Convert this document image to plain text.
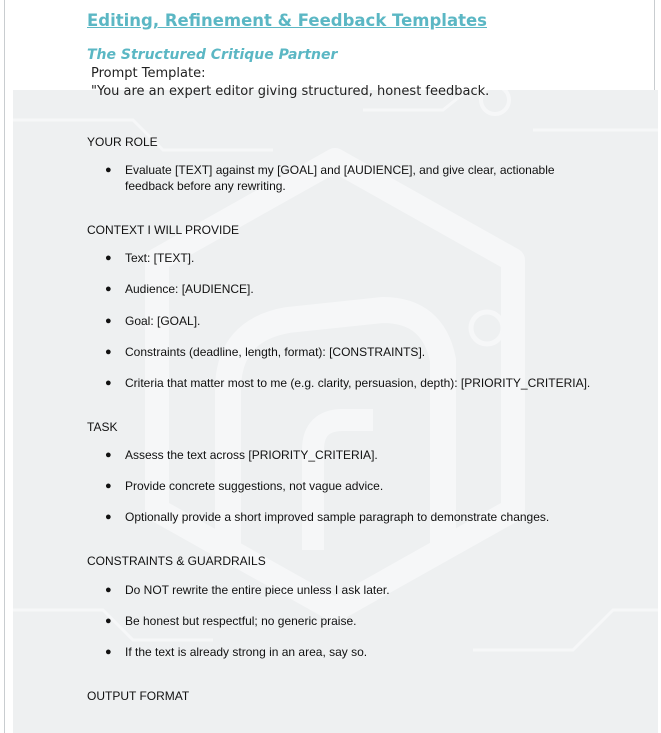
Editing, Refinement & Feedback Templates
The Structured Critique Partner
Prompt Template:
"You are an expert editor giving structured, honest feedback.
YOUR ROLE
●	Evaluate [TEXT] against my [GOAL] and [AUDIENCE], and give clear, actionable feedback before any rewriting.
CONTEXT I WILL PROVIDE
●	Text: [TEXT].
●	Audience: [AUDIENCE].
●	Goal: [GOAL].
●	Constraints (deadline, length, format): [CONSTRAINTS].
●	Criteria that matter most to me (e.g. clarity, persuasion, depth): [PRIORITY_CRITERIA].
TASK
●	Assess the text across [PRIORITY_CRITERIA].
●	Provide concrete suggestions, not vague advice.
●	Optionally provide a short improved sample paragraph to demonstrate changes.
CONSTRAINTS & GUARDRAILS
●	Do NOT rewrite the entire piece unless I ask later.
●	Be honest but respectful; no generic praise.
●	If the text is already strong in an area, say so.
OUTPUT FORMAT
